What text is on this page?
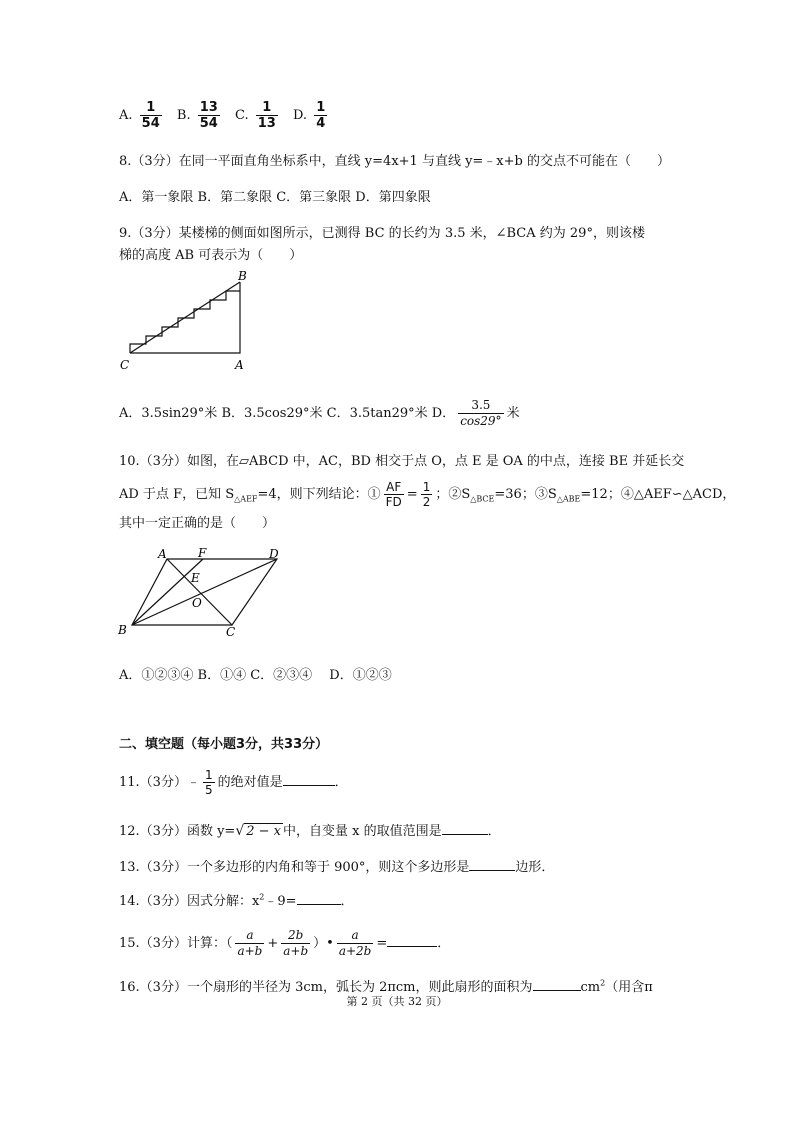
A. $\frac{1}{54} B$. $\frac{13}{54} C$. $\frac{1}{13} D$. $\frac{1}{4}$
8.（3分）在同一平面直角坐标系中，直线 y=4x+1 与直线 y=﹣x+b 的交点不可能在（　　）
A．第一象限 B．第二象限 C．第三象限 D．第四象限
9.（3分）某楼梯的侧面如图所示，已测得 BC 的长约为 3.5 米，∠BCA 约为 29°，则该楼
梯的高度 AB 可表示为（　　）
B
C	A
A．3.5sin29°米 B．3.5cos29°米 C．3.5tan29°米 D． $\frac{3.5}{\cos 29^\circ}$ 米
10.（3分）如图，在▱ABCD 中，AC，BD 相交于点 O，点 E 是 OA 的中点，连接 BE 并延长交
AD 于点 F，已知 $S_{\triangle AEF}=4$，则下列结论：① $\frac{AF}{FD} = \frac{1}{2}$ ；$②S_{\triangle BCE}=36$；$③S_{\triangle ABE}=12$；④△AEF∽△ACD，
其中一定正确的是（　　）
A	F	D
E
O
B	C
A．①②③④ B．①④ C．②③④　 D．①②③
二、填空题（每小题3分，共33分）
11.（3分）﹣ $\frac{1}{5}$ 的绝对值是	．
12.（3分）函数 y=√ 2 − x 中，自变量 x 的取值范围是	．
13.（3分）一个多边形的内角和等于 900°，则这个多边形是	边形．
14.（3分）因式分解：$x^2﹣9=$	．
15.（3分）计算：（ $\frac{a}{a+b} + \frac{2b}{a+b}$ ）• $\frac{a}{a+2b}$ =	．
16.（3分）一个扇形的半径为 3cm，弧长为 2πcm，则此扇形的面积为	$cm^2$（用含π
第 2 页（共 32 页）
